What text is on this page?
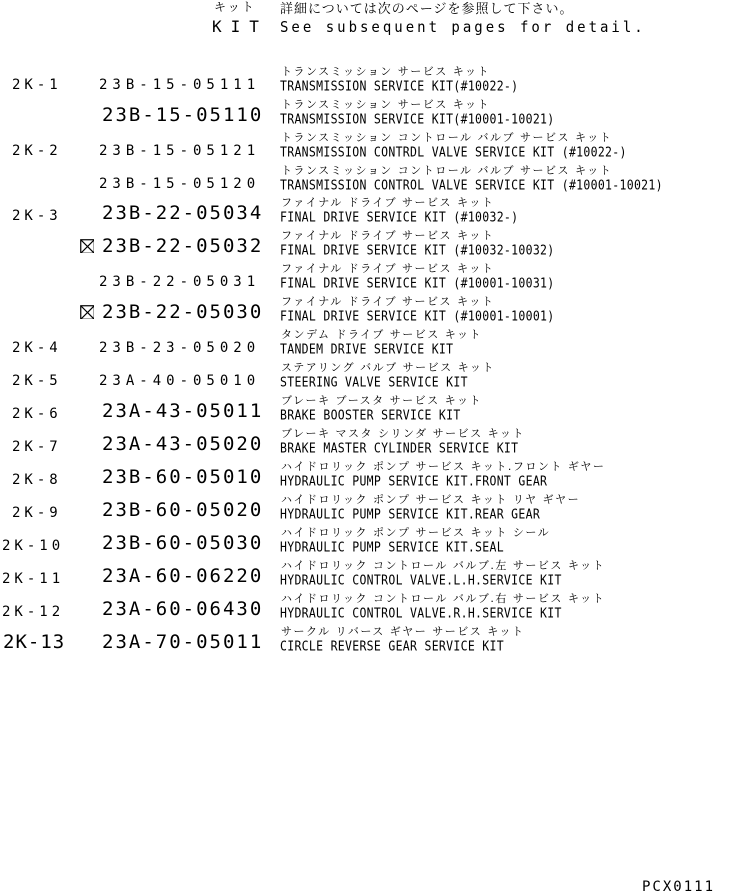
キット
KIT
詳細については次のページを参照して下さい。
See subsequent pages for detail.
2K-1	23B-15-05111
トランスミッション サービス キット
TRANSMISSION SERVICE KIT(#10022-)
23B-15-05110 トランスミッション サービス キット
TRANSMISSION SERVICE KIT(#10001-10021)
2K-2	23B-15-05121
トランスミッション コントロール バルブ サービス キット
TRANSMISSION CONTRDL VALVE SERVICE KIT (#10022-)
23B-15-05120
トランスミッション コントロール バルブ サービス キット
TRANSMISSION CONTROL VALVE SERVICE KIT (#10001-10021)
2K-3 23B-22-05034 ファイナル ドライブ サービス キット
FINAL DRIVE SERVICE KIT (#10032-)
23B-22-05032 ファイナル ドライブ サービス キット
FINAL DRIVE SERVICE KIT (#10032-10032)
23B-22-05031
ファイナル ドライブ サービス キット
FINAL DRIVE SERVICE KIT (#10001-10031)
23B-22-05030 ファイナル ドライブ サービス キット
FINAL DRIVE SERVICE KIT (#10001-10001)
2K-4	23B-23-05020
タンデム ドライブ サービス キット
TANDEM DRIVE SERVICE KIT
2K-5	23A-40-05010
ステアリング バルブ サービス キット
STEERING VALVE SERVICE KIT
2K-6 23A-43-05011 ブレーキ ブースタ サービス キット
BRAKE BOOSTER SERVICE KIT
2K-7 23A-43-05020 ブレーキ マスタ シリンダ サービス キット
BRAKE MASTER CYLINDER SERVICE KIT
2K-8 23B-60-05010 ハイドロリック ポンプ サービス キット.フロント ギヤー
HYDRAULIC PUMP SERVICE KIT.FRONT GEAR
2K-9 23B-60-05020 ハイドロリック ポンプ サービス キット リヤ ギヤー
HYDRAULIC PUMP SERVICE KIT.REAR GEAR
2K-10 23B-60-05030 ハイドロリック ポンプ サービス キット シール
HYDRAULIC PUMP SERVICE KIT.SEAL
2K-11 23A-60-06220 ハイドロリック コントロール バルブ.左 サービス キット
HYDRAULIC CONTROL VALVE.L.H.SERVICE KIT
2K-12 23A-60-06430 ハイドロリック コントロール バルブ.右 サービス キット
HYDRAULIC CONTROL VALVE.R.H.SERVICE KIT
2K-13 23A-70-05011 サークル リバース ギヤー サービス キット
CIRCLE REVERSE GEAR SERVICE KIT
PCX0111
